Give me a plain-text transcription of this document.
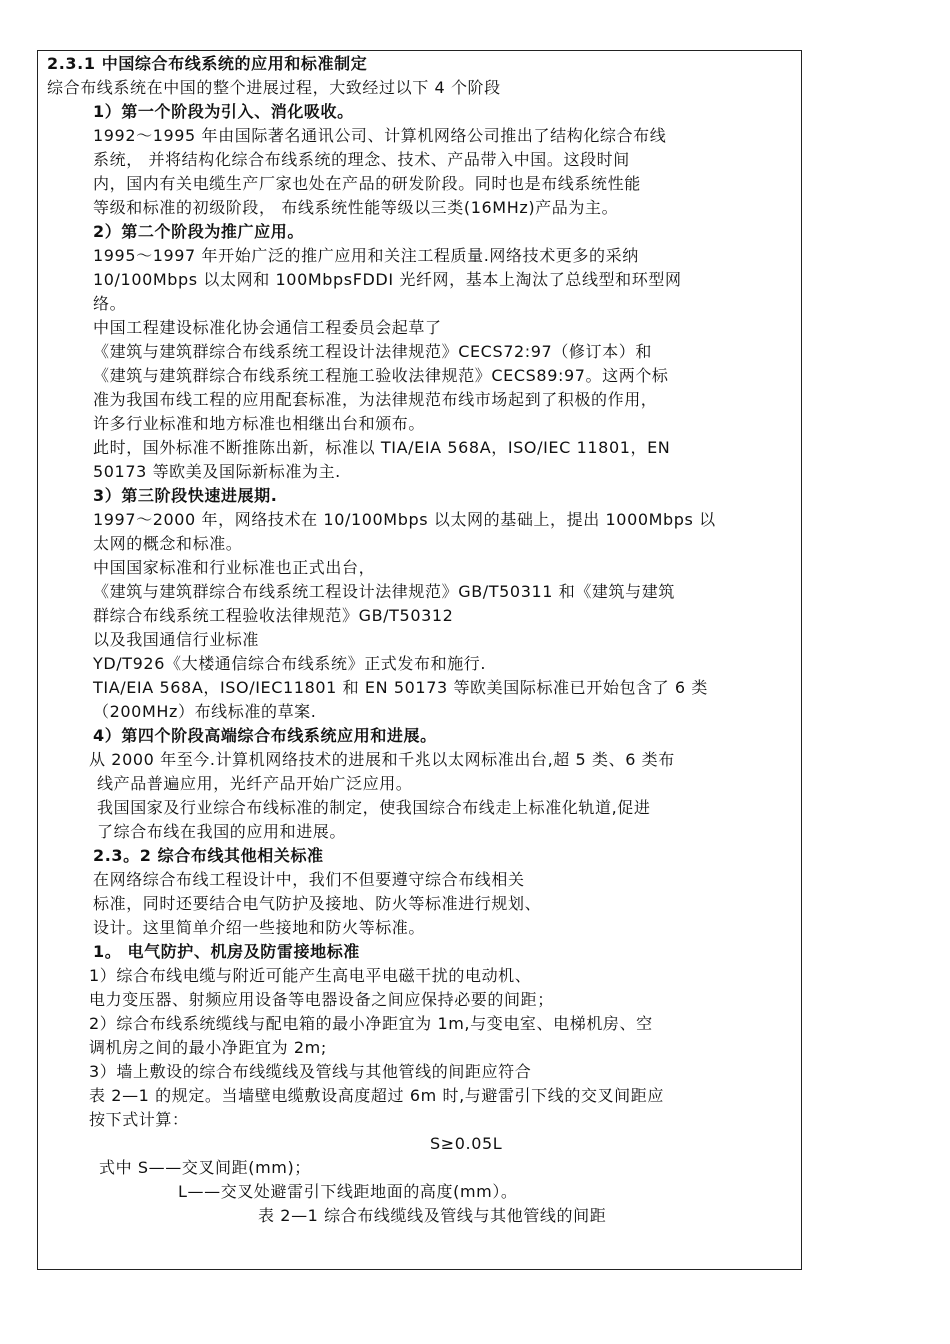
2.3.1 中国综合布线系统的应用和标准制定
综合布线系统在中国的整个进展过程，大致经过以下 4 个阶段
1）第一个阶段为引入、消化吸收。
1992～1995 年由国际著名通讯公司、计算机网络公司推出了结构化综合布线
系统， 并将结构化综合布线系统的理念、技术、产品带入中国。这段时间
内，国内有关电缆生产厂家也处在产品的研发阶段。同时也是布线系统性能
等级和标准的初级阶段， 布线系统性能等级以三类(16MHz)产品为主。
2）第二个阶段为推广应用。
1995～1997 年开始广泛的推广应用和关注工程质量.网络技术更多的采纳
10/100Mbps 以太网和 100MbpsFDDI 光纤网，基本上淘汰了总线型和环型网
络。
中国工程建设标准化协会通信工程委员会起草了
《建筑与建筑群综合布线系统工程设计法律规范》CECS72:97（修订本）和
《建筑与建筑群综合布线系统工程施工验收法律规范》CECS89:97。这两个标
准为我国布线工程的应用配套标准，为法律规范布线市场起到了积极的作用，
许多行业标准和地方标准也相继出台和颁布。
此时，国外标准不断推陈出新，标准以 TIA/EIA 568A，ISO/IEC 11801，EN
50173 等欧美及国际新标准为主.
3）第三阶段快速进展期.
1997～2000 年，网络技术在 10/100Mbps 以太网的基础上，提出 1000Mbps 以
太网的概念和标准。
中国国家标准和行业标准也正式出台，
《建筑与建筑群综合布线系统工程设计法律规范》GB/T50311 和《建筑与建筑
群综合布线系统工程验收法律规范》GB/T50312
以及我国通信行业标准
YD/T926《大楼通信综合布线系统》正式发布和施行.
TIA/EIA 568A，ISO/IEC11801 和 EN 50173 等欧美国际标准已开始包含了 6 类
（200MHz）布线标准的草案.
4）第四个阶段高端综合布线系统应用和进展。
从 2000 年至今.计算机网络技术的进展和千兆以太网标准出台,超 5 类、6 类布
线产品普遍应用，光纤产品开始广泛应用。
我国国家及行业综合布线标准的制定，使我国综合布线走上标准化轨道,促进
了综合布线在我国的应用和进展。
2.3。2 综合布线其他相关标准
在网络综合布线工程设计中，我们不但要遵守综合布线相关
标准，同时还要结合电气防护及接地、防火等标准进行规划、
设计。这里简单介绍一些接地和防火等标准。
1。 电气防护、机房及防雷接地标准
1）综合布线电缆与附近可能产生高电平电磁干扰的电动机、
电力变压器、射频应用设备等电器设备之间应保持必要的间距；
2）综合布线系统缆线与配电箱的最小净距宜为 1m,与变电室、电梯机房、空
调机房之间的最小净距宜为 2m;
3）墙上敷设的综合布线缆线及管线与其他管线的间距应符合
表 2—1 的规定。当墙壁电缆敷设高度超过 6m 时,与避雷引下线的交叉间距应
按下式计算：
S≥0.05L
式中 S——交叉间距(mm)；
L——交叉处避雷引下线距地面的高度(mm）。
表 2—1 综合布线缆线及管线与其他管线的间距
